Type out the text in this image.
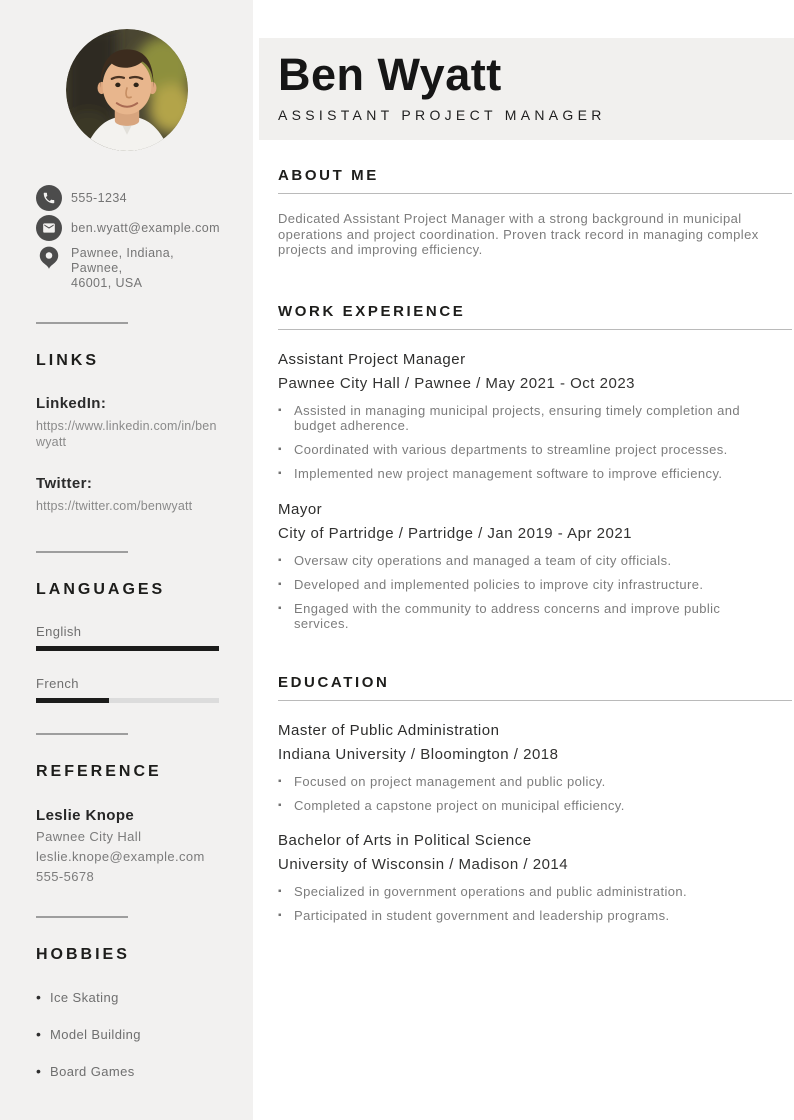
555-1234
ben.wyatt@example.com
Pawnee, Indiana, Pawnee,
46001, USA
LINKS
LinkedIn:
https://www.linkedin.com/in/benwyatt
Twitter:
https://twitter.com/benwyatt
LANGUAGES
English
French
REFERENCE
Leslie Knope
Pawnee City Hall
leslie.knope@example.com
555-5678
HOBBIES
• Ice Skating
• Model Building
• Board Games
Ben Wyatt
ASSISTANT PROJECT MANAGER
ABOUT ME

Dedicated Assistant Project Manager with a strong background in municipal operations and project coordination. Proven track record in managing complex projects and improving efficiency.

WORK EXPERIENCE
Assistant Project Manager
Pawnee City Hall / Pawnee / May 2021 - Oct 2023
▪ Assisted in managing municipal projects, ensuring timely completion and budget adherence.
▪ Coordinated with various departments to streamline project processes.
▪ Implemented new project management software to improve efficiency.
Mayor
City of Partridge / Partridge / Jan 2019 - Apr 2021
▪ Oversaw city operations and managed a team of city officials.
▪ Developed and implemented policies to improve city infrastructure.
▪ Engaged with the community to address concerns and improve public services.
EDUCATION
Master of Public Administration
Indiana University / Bloomington / 2018
▪ Focused on project management and public policy.
▪ Completed a capstone project on municipal efficiency.
Bachelor of Arts in Political Science
University of Wisconsin / Madison / 2014
▪ Specialized in government operations and public administration.
▪ Participated in student government and leadership programs.
